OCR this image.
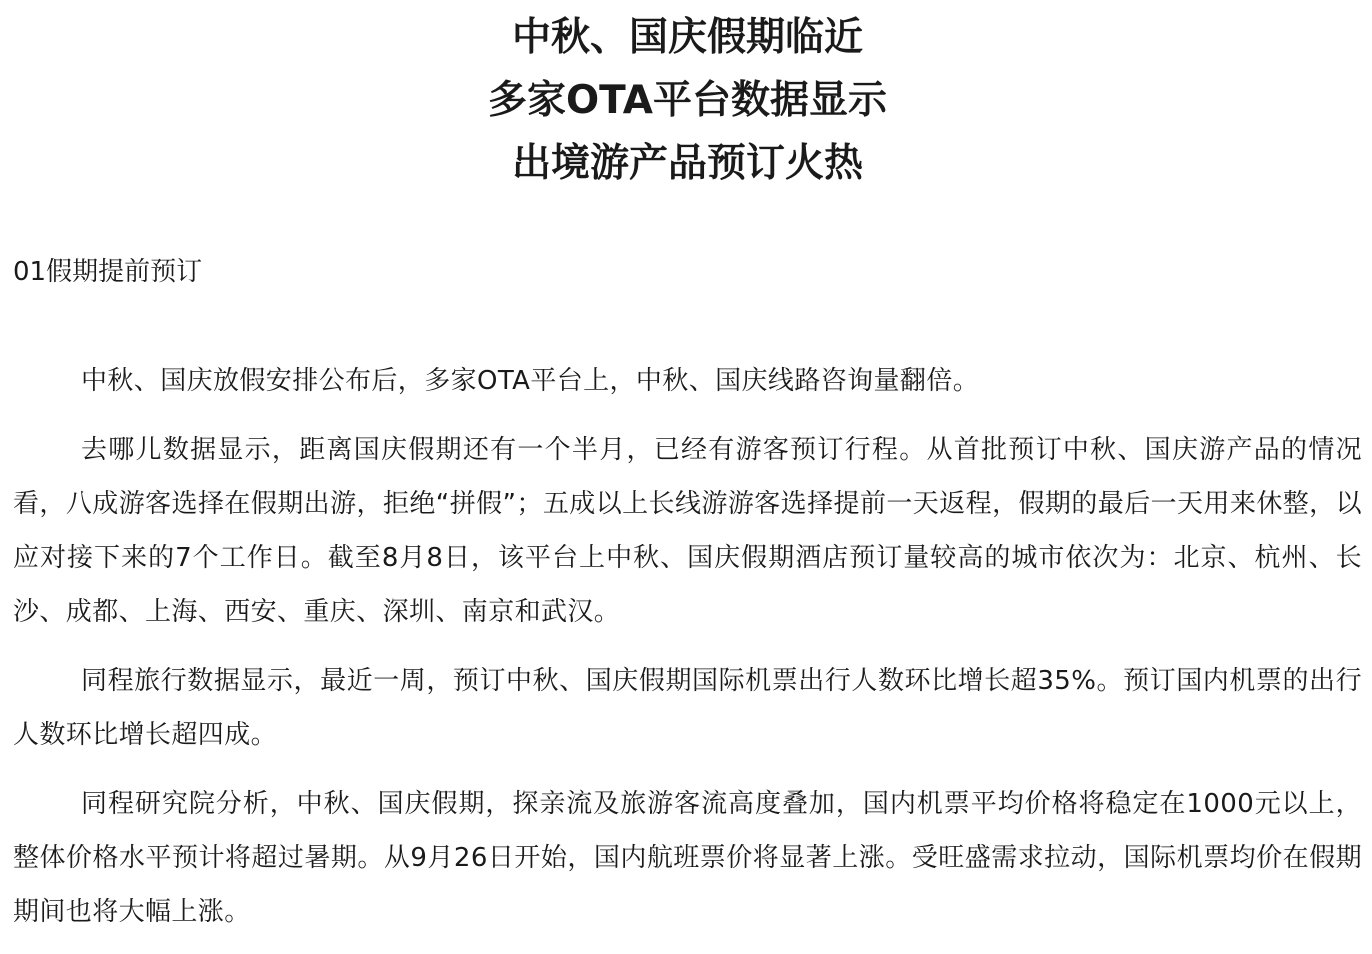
中秋、国庆假期临近
多家OTA平台数据显示
出境游产品预订火热
01假期提前预订

中秋、国庆放假安排公布后，多家OTA平台上，中秋、国庆线路咨询量翻倍。

去哪儿数据显示，距离国庆假期还有一个半月，已经有游客预订行程。从首批预订中秋、国庆游产品的情况看，八成游客选择在假期出游，拒绝“拼假”；五成以上长线游游客选择提前一天返程，假期的最后一天用来休整，以应对接下来的7个工作日。截至8月8日，该平台上中秋、国庆假期酒店预订量较高的城市依次为：北京、杭州、长沙、成都、上海、西安、重庆、深圳、南京和武汉。

同程旅行数据显示，最近一周，预订中秋、国庆假期国际机票出行人数环比增长超35%。预订国内机票的出行人数环比增长超四成。

同程研究院分析，中秋、国庆假期，探亲流及旅游客流高度叠加，国内机票平均价格将稳定在1000元以上，整体价格水平预计将超过暑期。从9月26日开始，国内航班票价将显著上涨。受旺盛需求拉动，国际机票均价在假期期间也将大幅上涨。
